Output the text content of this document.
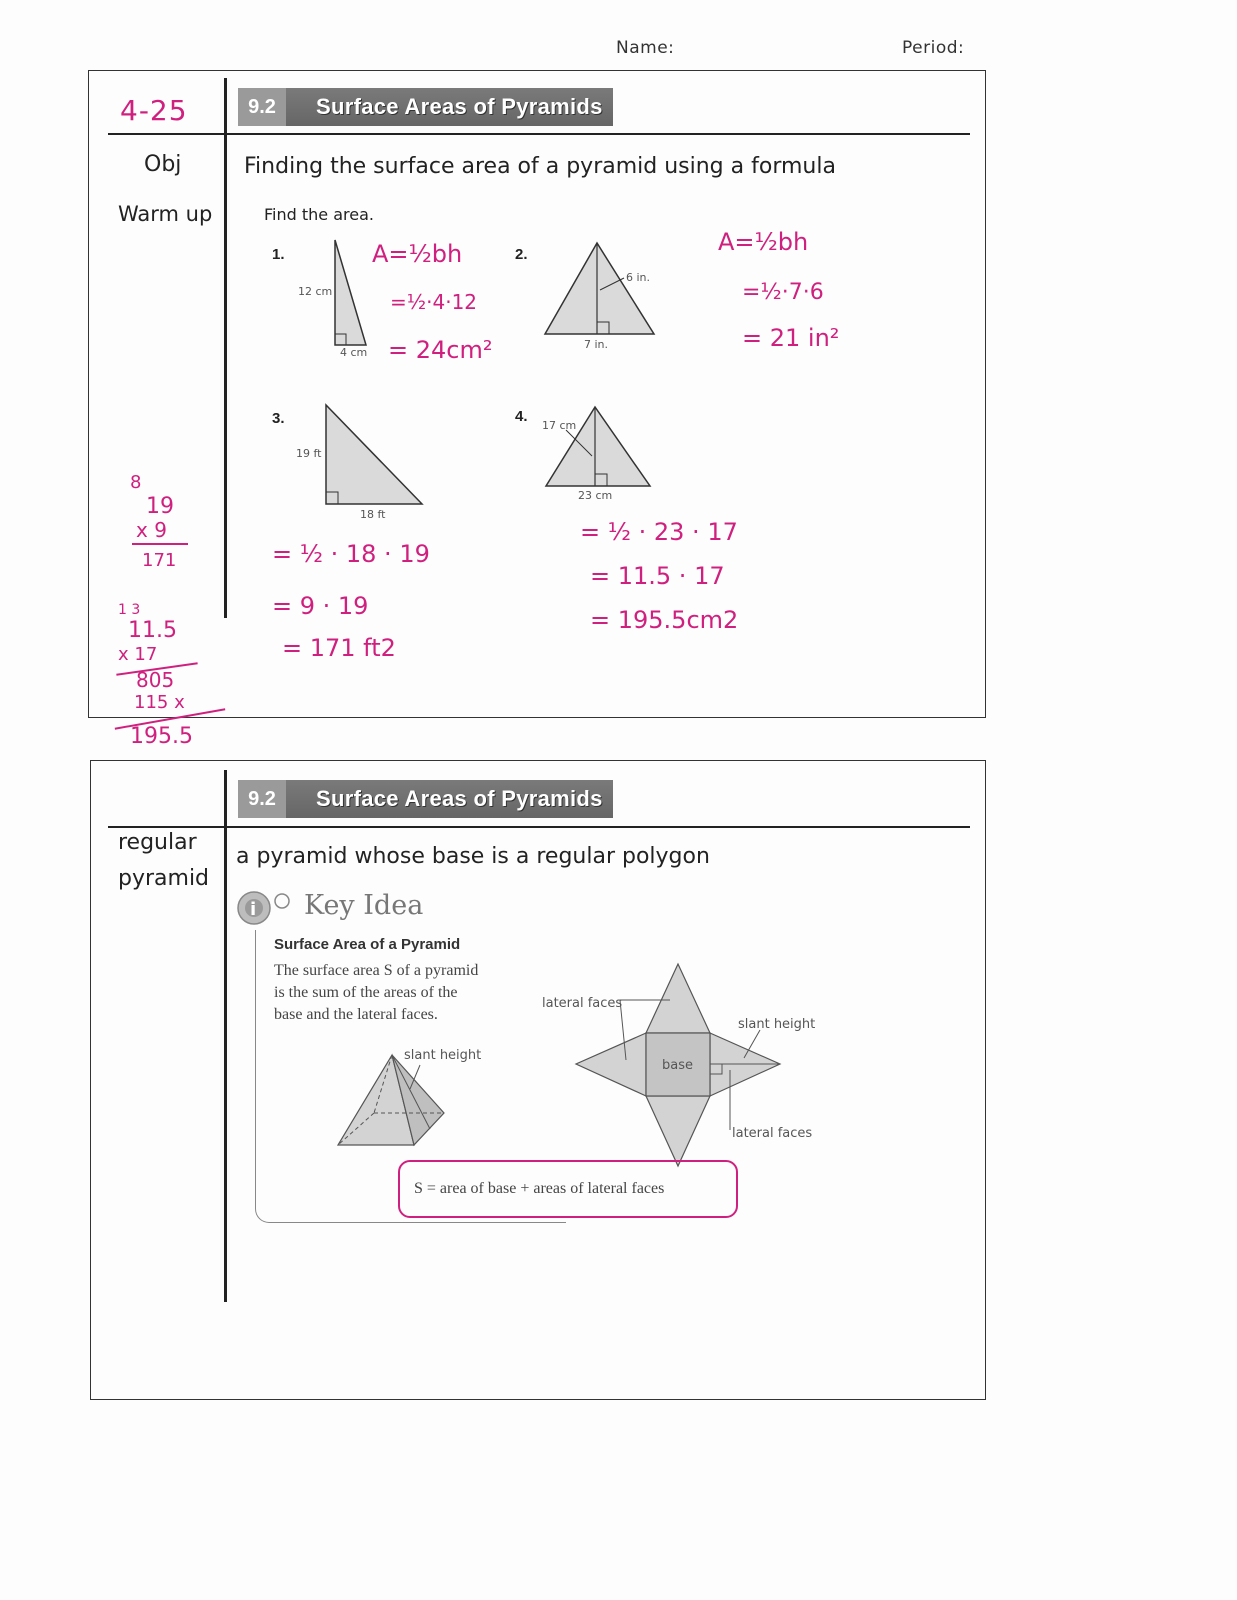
Name:	Period:
4-25	9.2	Surface Areas of Pyramids
Obj	Finding the surface area of a pyramid using a formula
Warm up	Find the area.
1.
12 cm
4 cm
A=½bh
=½·4·12
= 24cm²
2.
6 in.
7 in.
A=½bh
=½·7·6
= 21 in²
3.
19 ft
18 ft
= ½ · 18 · 19
= 9 · 19
= 171 ft2
4.
17 cm
23 cm
= ½ · 23 · 17
= 11.5 · 17
= 195.5cm2
8
19
x 9
171
1 3
11.5
x 17
805
115 x
195.5
9.2	Surface Areas of Pyramids
regular
pyramid
a pyramid whose base is a regular polygon
i Key Idea
Surface Area of a Pyramid
The surface area S of a pyramid
is the sum of the areas of the
base and the lateral faces.
slant height
lateral faces
slant height
base
lateral faces
S = area of base + areas of lateral faces
